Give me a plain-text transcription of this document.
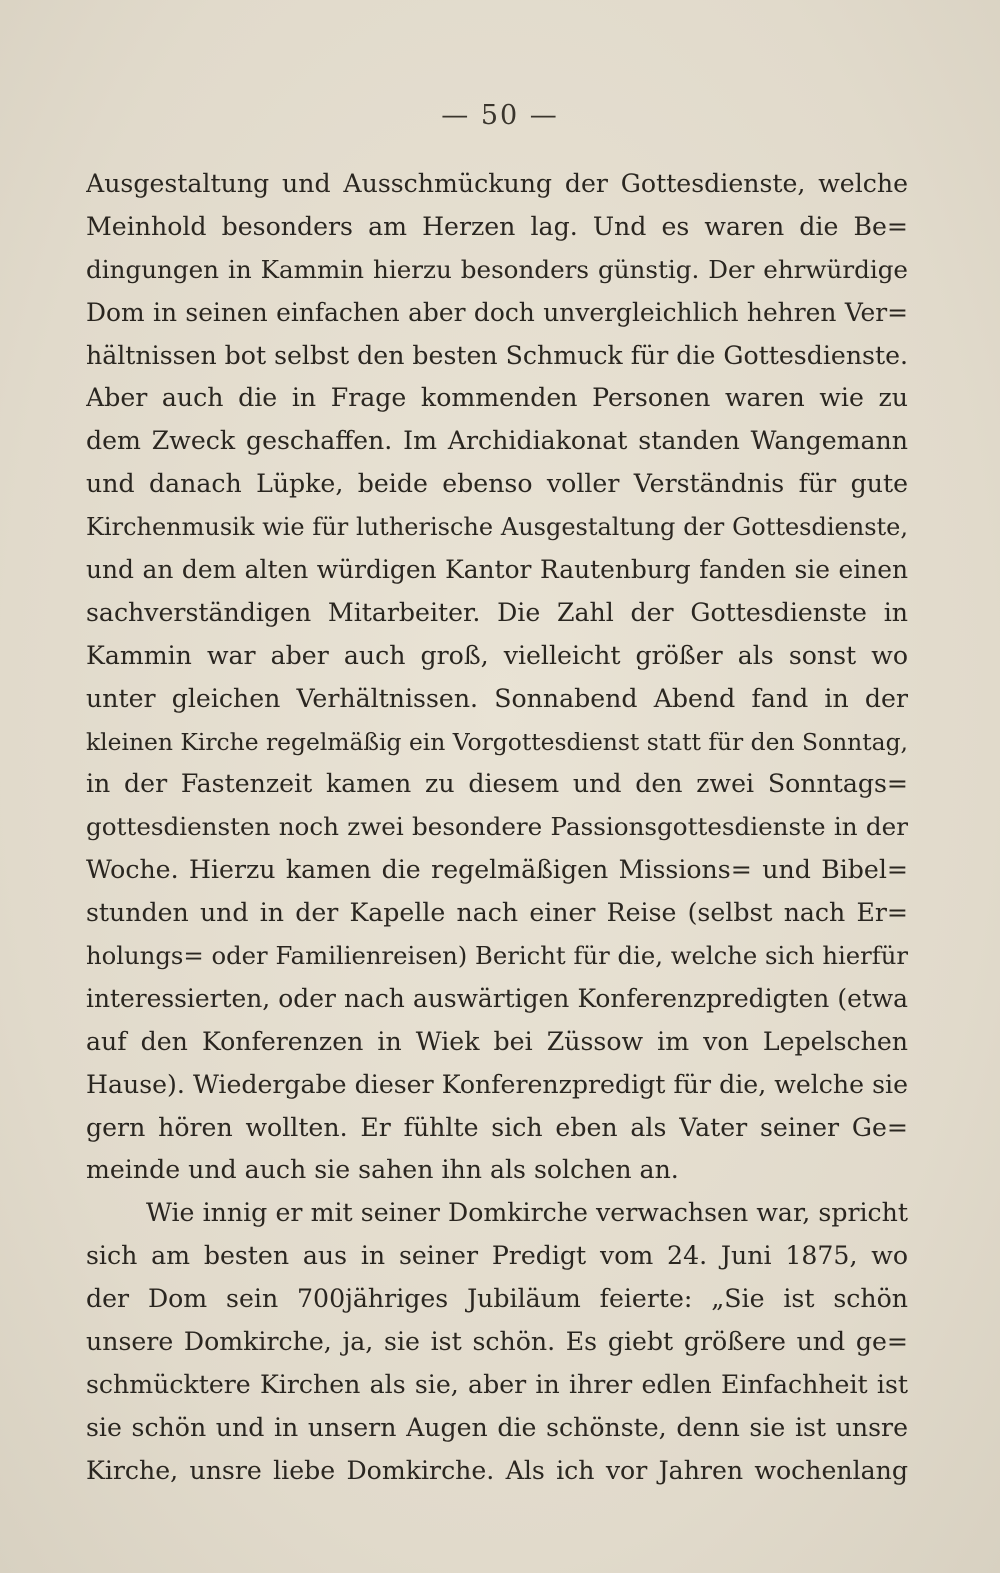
— 50 —
Ausgestaltung und Ausschmückung der Gottesdienste, welche
Meinhold besonders am Herzen lag. Und es waren die Be=
dingungen in Kammin hierzu besonders günstig. Der ehrwürdige
Dom in seinen einfachen aber doch unvergleichlich hehren Ver=
hältnissen bot selbst den besten Schmuck für die Gottesdienste.
Aber auch die in Frage kommenden Personen waren wie zu
dem Zweck geschaffen. Im Archidiakonat standen Wangemann
und danach Lüpke, beide ebenso voller Verständnis für gute
Kirchenmusik wie für lutherische Ausgestaltung der Gottesdienste,
und an dem alten würdigen Kantor Rautenburg fanden sie einen
sachverständigen Mitarbeiter. Die Zahl der Gottesdienste in
Kammin war aber auch groß, vielleicht größer als sonst wo
unter gleichen Verhältnissen. Sonnabend Abend fand in der
kleinen Kirche regelmäßig ein Vorgottesdienst statt für den Sonntag,
in der Fastenzeit kamen zu diesem und den zwei Sonntags=
gottesdiensten noch zwei besondere Passionsgottesdienste in der
Woche. Hierzu kamen die regelmäßigen Missions= und Bibel=
stunden und in der Kapelle nach einer Reise (selbst nach Er=
holungs= oder Familienreisen) Bericht für die, welche sich hierfür
interessierten, oder nach auswärtigen Konferenzpredigten (etwa
auf den Konferenzen in Wiek bei Züssow im von Lepelschen
Hause). Wiedergabe dieser Konferenzpredigt für die, welche sie
gern hören wollten. Er fühlte sich eben als Vater seiner Ge=
meinde und auch sie sahen ihn als solchen an.
Wie innig er mit seiner Domkirche verwachsen war, spricht
sich am besten aus in seiner Predigt vom 24. Juni 1875, wo
der Dom sein 700jähriges Jubiläum feierte: „Sie ist schön
unsere Domkirche, ja, sie ist schön. Es giebt größere und ge=
schmücktere Kirchen als sie, aber in ihrer edlen Einfachheit ist
sie schön und in unsern Augen die schönste, denn sie ist unsre
Kirche, unsre liebe Domkirche. Als ich vor Jahren wochenlang
